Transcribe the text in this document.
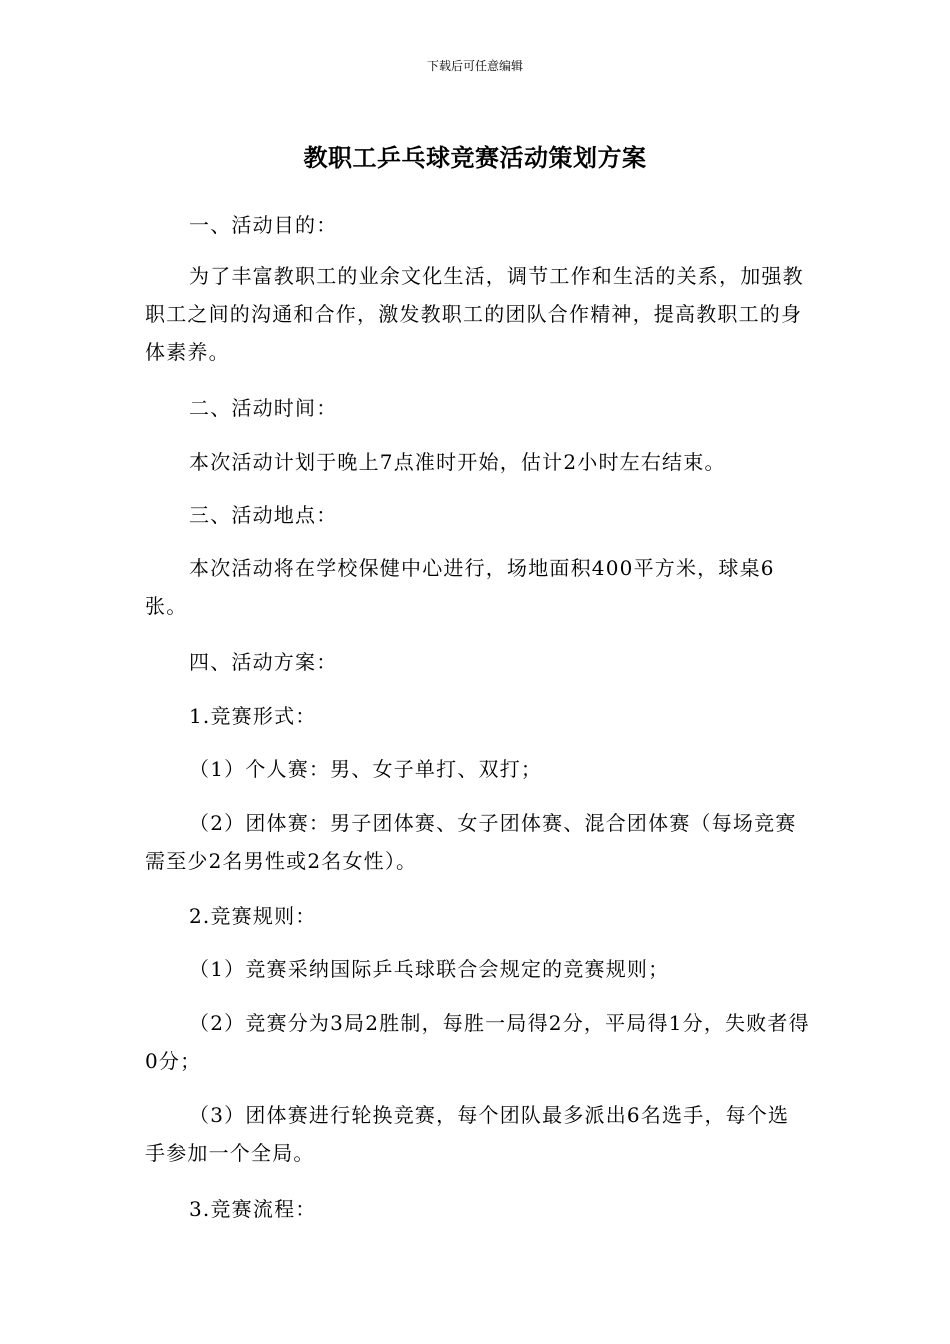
下载后可任意编辑
教职工乒乓球竞赛活动策划方案

一、活动目的：

为了丰富教职工的业余文化生活，调节工作和生活的关系，加强教职工之间的沟通和合作，激发教职工的团队合作精神，提高教职工的身体素养。

二、活动时间：

本次活动计划于晚上7点准时开始，估计2小时左右结束。

三、活动地点：

本次活动将在学校保健中心进行，场地面积400平方米，球桌6张。

四、活动方案：

1.竞赛形式：

（1）个人赛：男、女子单打、双打；

（2）团体赛：男子团体赛、女子团体赛、混合团体赛（每场竞赛需至少2名男性或2名女性）。

2.竞赛规则：

（1）竞赛采纳国际乒乓球联合会规定的竞赛规则；

（2）竞赛分为3局2胜制，每胜一局得2分，平局得1分，失败者得0分；

（3）团体赛进行轮换竞赛，每个团队最多派出6名选手，每个选手参加一个全局。

3.竞赛流程：
